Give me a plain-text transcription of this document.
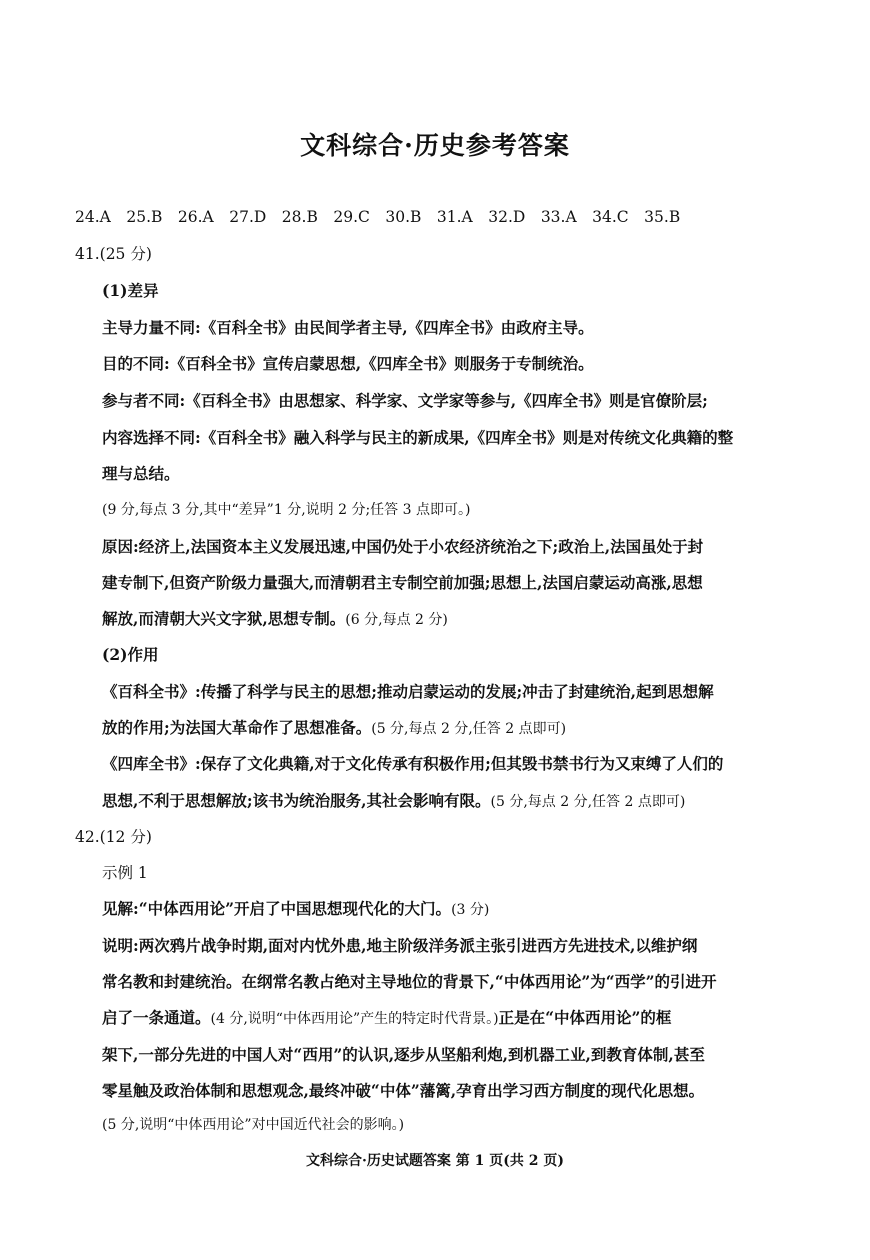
文科综合·历史参考答案
24.A　25.B　26.A　27.D　28.B　29.C　30.B　31.A　32.D　33.A　34.C　35.B
41.(25 分)
(1)差异
主导力量不同:《百科全书》由民间学者主导,《四库全书》由政府主导。
目的不同:《百科全书》宣传启蒙思想,《四库全书》则服务于专制统治。
参与者不同:《百科全书》由思想家、科学家、文学家等参与,《四库全书》则是官僚阶层;
内容选择不同:《百科全书》融入科学与民主的新成果,《四库全书》则是对传统文化典籍的整
理与总结。
(9 分,每点 3 分,其中“差异”1 分,说明 2 分;任答 3 点即可。)
原因:经济上,法国资本主义发展迅速,中国仍处于小农经济统治之下;政治上,法国虽处于封
建专制下,但资产阶级力量强大,而清朝君主专制空前加强;思想上,法国启蒙运动高涨,思想
解放,而清朝大兴文字狱,思想专制。(6 分,每点 2 分)
(2)作用
《百科全书》:传播了科学与民主的思想;推动启蒙运动的发展;冲击了封建统治,起到思想解
放的作用;为法国大革命作了思想准备。(5 分,每点 2 分,任答 2 点即可)
《四库全书》:保存了文化典籍,对于文化传承有积极作用;但其毁书禁书行为又束缚了人们的
思想,不利于思想解放;该书为统治服务,其社会影响有限。(5 分,每点 2 分,任答 2 点即可)
42.(12 分)
示例 1
见解:“中体西用论”开启了中国思想现代化的大门。(3 分)
说明:两次鸦片战争时期,面对内忧外患,地主阶级洋务派主张引进西方先进技术,以维护纲
常名教和封建统治。在纲常名教占绝对主导地位的背景下,“中体西用论”为“西学”的引进开
启了一条通道。(4 分,说明“中体西用论”产生的特定时代背景。)正是在“中体西用论”的框
架下,一部分先进的中国人对“西用”的认识,逐步从坚船利炮,到机器工业,到教育体制,甚至
零星触及政治体制和思想观念,最终冲破“中体”藩篱,孕育出学习西方制度的现代化思想。
(5 分,说明“中体西用论”对中国近代社会的影响。)
文科综合·历史试题答案 第 1 页(共 2 页)
